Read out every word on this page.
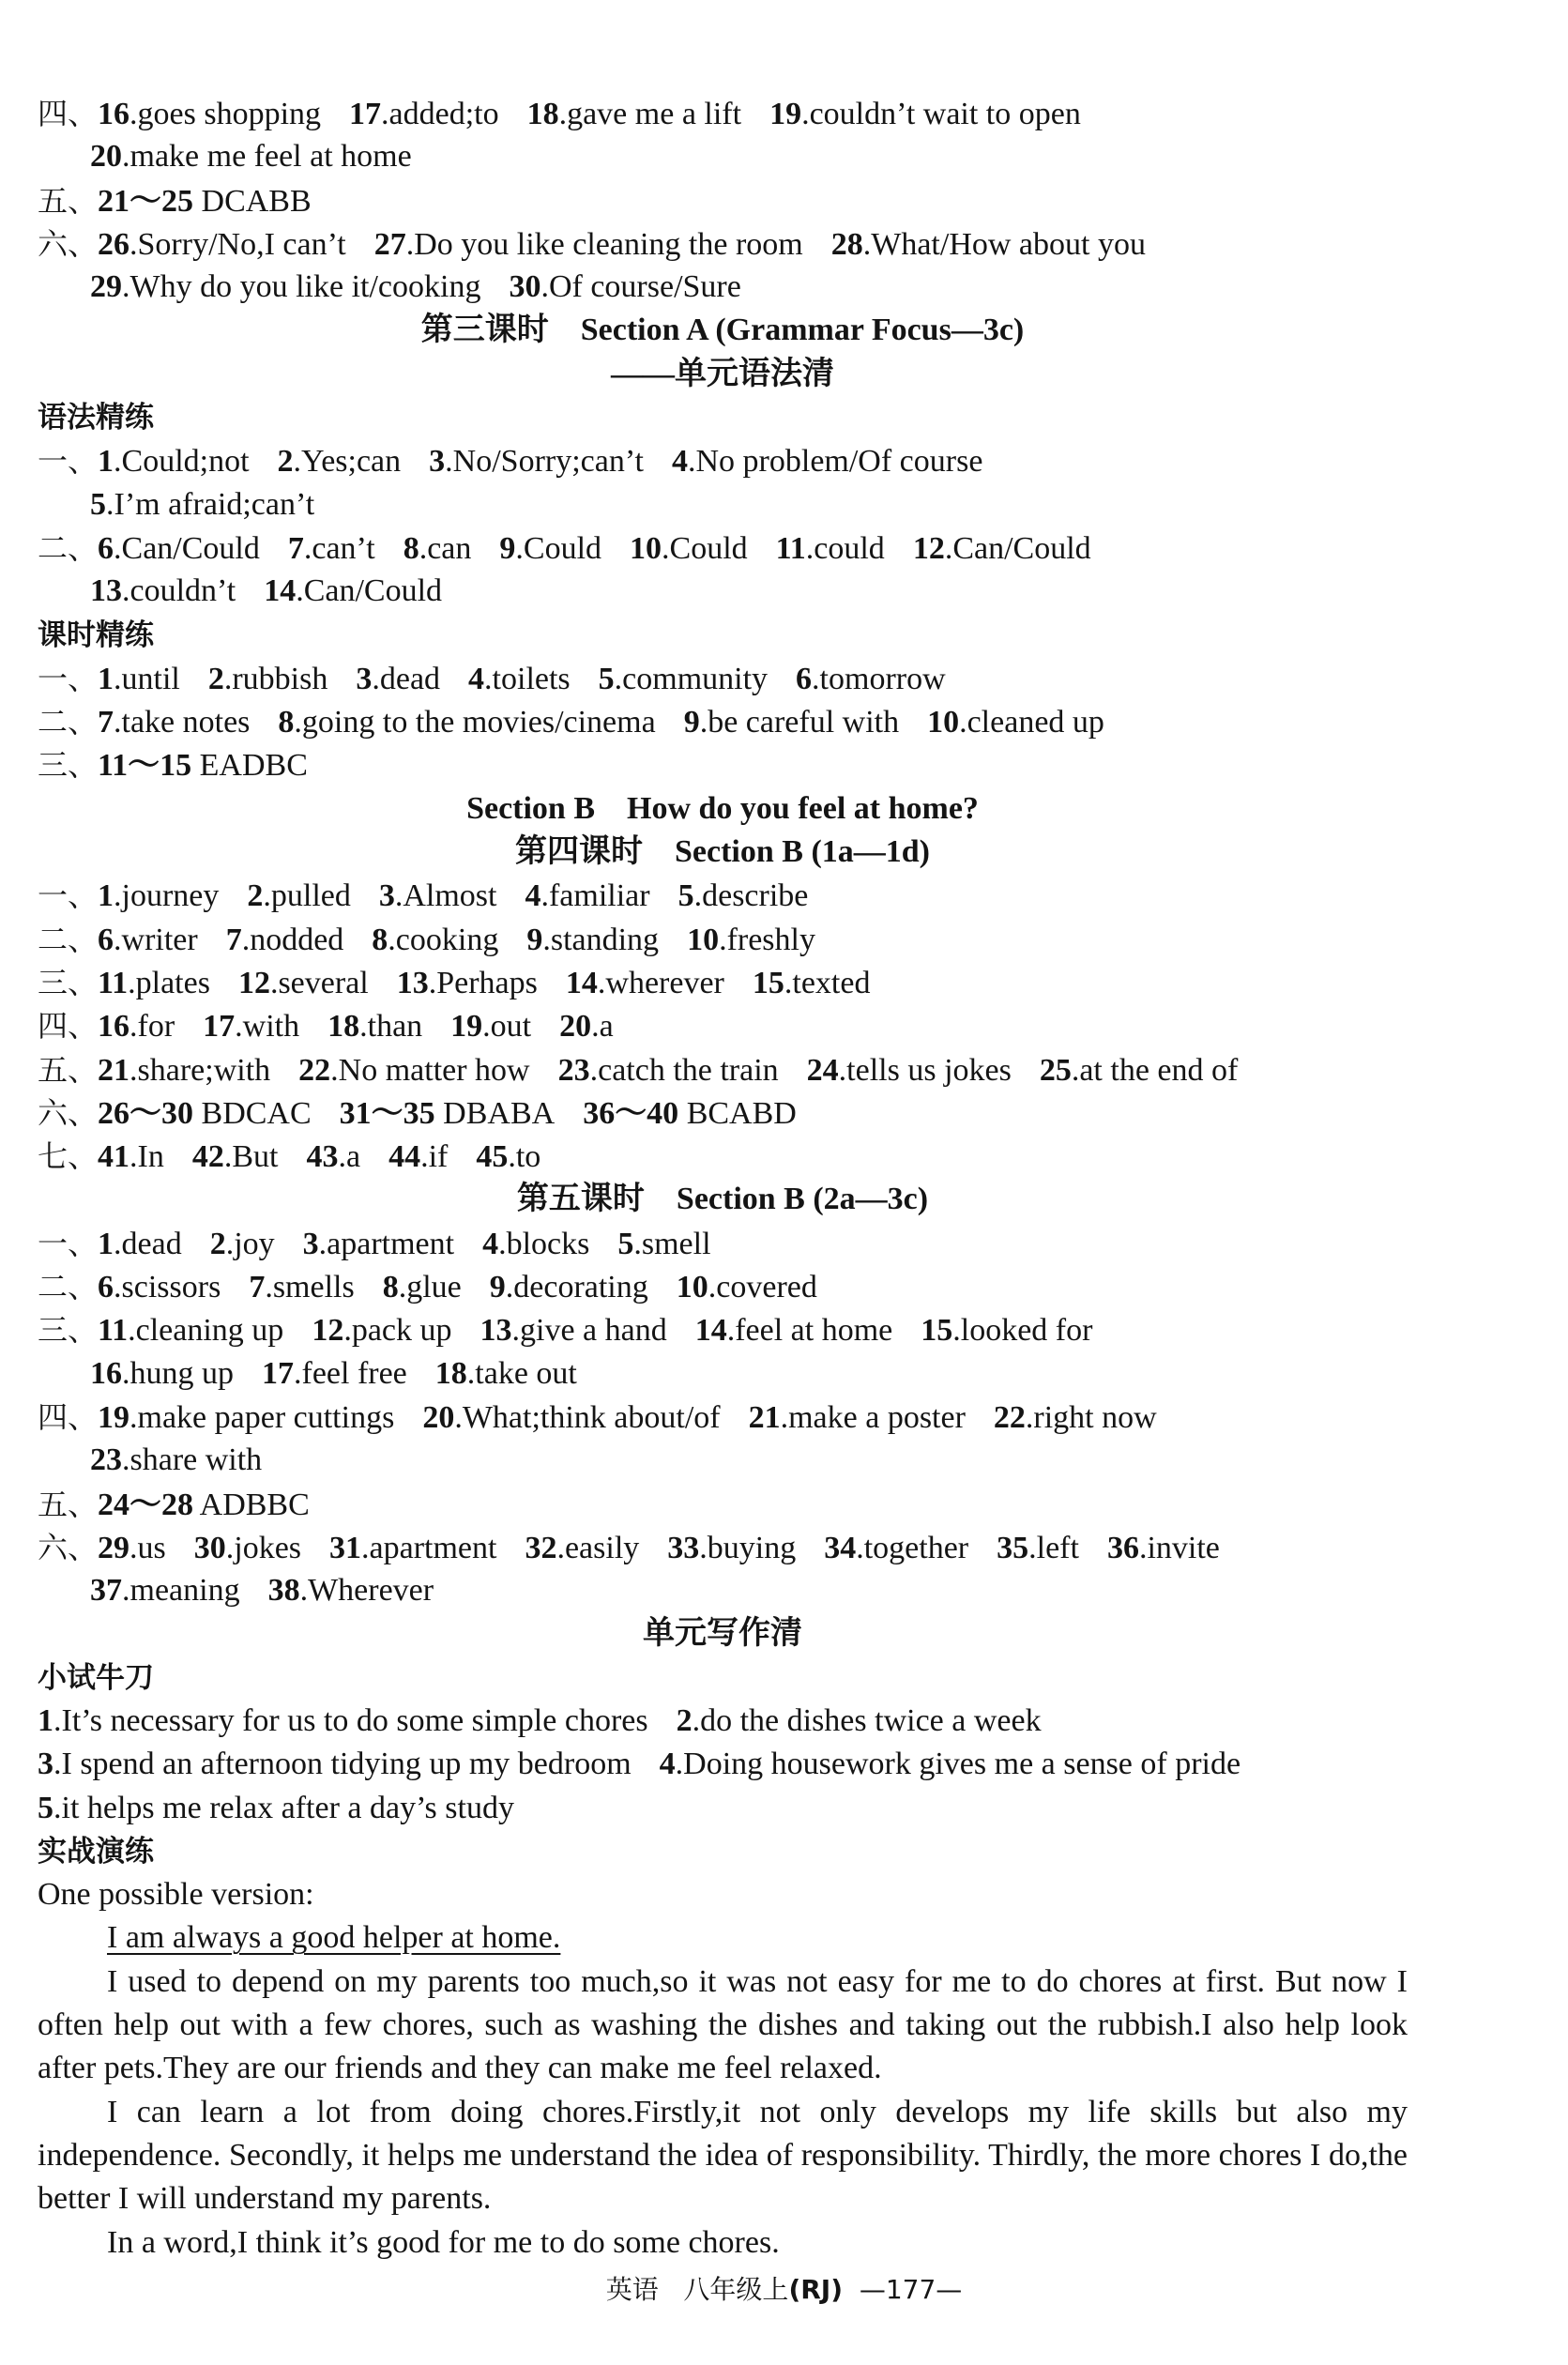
四、16.goes shopping 17.added;to 18.gave me a lift 19.couldn’t wait to open
20.make me feel at home
五、21～25 DCABB
六、26.Sorry/No,I can’t 27.Do you like cleaning the room 28.What/How about you
29.Why do you like it/cooking 30.Of course/Sure
第三课时　Section A (Grammar Focus—3c)
——单元语法清
语法精练
一、1.Could;not 2.Yes;can 3.No/Sorry;can’t 4.No problem/Of course
5.I’m afraid;can’t
二、6.Can/Could 7.can’t 8.can 9.Could 10.Could 11.could 12.Can/Could
13.couldn’t 14.Can/Could
课时精练
一、1.until 2.rubbish 3.dead 4.toilets 5.community 6.tomorrow
二、7.take notes 8.going to the movies/cinema 9.be careful with 10.cleaned up
三、11～15 EADBC
Section B　How do you feel at home?
第四课时　Section B (1a—1d)
一、1.journey 2.pulled 3.Almost 4.familiar 5.describe
二、6.writer 7.nodded 8.cooking 9.standing 10.freshly
三、11.plates 12.several 13.Perhaps 14.wherever 15.texted
四、16.for 17.with 18.than 19.out 20.a
五、21.share;with 22.No matter how 23.catch the train 24.tells us jokes 25.at the end of
六、26～30 BDCAC 31～35 DBABA 36～40 BCABD
七、41.In 42.But 43.a 44.if 45.to
第五课时　Section B (2a—3c)
一、1.dead 2.joy 3.apartment 4.blocks 5.smell
二、6.scissors 7.smells 8.glue 9.decorating 10.covered
三、11.cleaning up 12.pack up 13.give a hand 14.feel at home 15.looked for
16.hung up 17.feel free 18.take out
四、19.make paper cuttings 20.What;think about/of 21.make a poster 22.right now
23.share with
五、24～28 ADBBC
六、29.us 30.jokes 31.apartment 32.easily 33.buying 34.together 35.left 36.invite
37.meaning 38.Wherever
单元写作清
小试牛刀
1.It’s necessary for us to do some simple chores 2.do the dishes twice a week
3.I spend an afternoon tidying up my bedroom 4.Doing housework gives me a sense of pride
5.it helps me relax after a day’s study
实战演练
One possible version:
I am always a good helper at home.
I used to depend on my parents too much,so it was not easy for me to do chores at first. But now I often help out with a few chores, such as washing the dishes and taking out the rubbish.I also help look after pets.They are our friends and they can make me feel relaxed.
I can learn a lot from doing chores.Firstly,it not only develops my life skills but also my independence. Secondly, it helps me understand the idea of responsibility. Thirdly, the more chores I do,the better I will understand my parents.
In a word,I think it’s good for me to do some chores.
英语 八年级上(RJ) —177—
